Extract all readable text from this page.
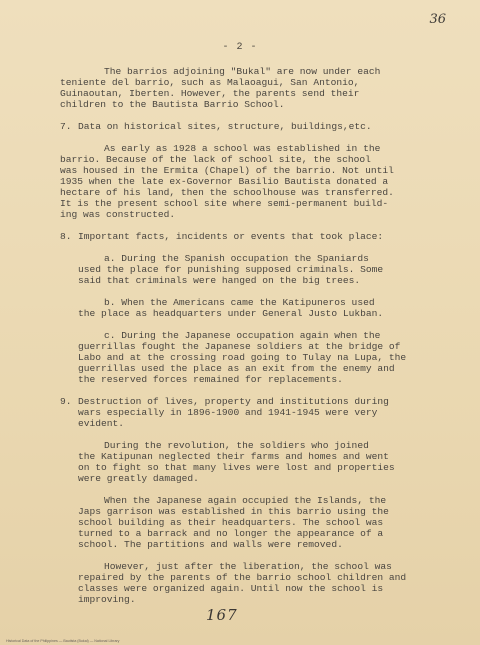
36
- 2 -

The barrios adjoining "Bukal" are now under each

teniente del barrio, such as Malaoagui, San Antonio,

Guinaoutan, Iberten. However, the parents send their

children to the Bautista Barrio School.

7. Data on historical sites, structure, buildings,etc.

As early as 1928 a school was established in the

barrio. Because of the lack of school site, the school

was housed in the Ermita (Chapel) of the barrio. Not until

1935 when the late ex-Governor Basilio Bautista donated a

hectare of his land, then the schoolhouse was transferred.

It is the present school site where semi-permanent build-

ing was constructed.

8. Important facts, incidents or events that took place:

a. During the Spanish occupation the Spaniards

used the place for punishing supposed criminals. Some

said that criminals were hanged on the big trees.

b. When the Americans came the Katipuneros used

the place as headquarters under General Justo Lukban.

c. During the Japanese occupation again when the

guerrillas fought the Japanese soldiers at the bridge of

Labo and at the crossing road going to Tulay na Lupa, the

guerrillas used the place as an exit from the enemy and

the reserved forces remained for replacements.

9. Destruction of lives, property and institutions during

wars especially in 1896-1900 and 1941-1945 were very

evident.

During the revolution, the soldiers who joined

the Katipunan neglected their farms and homes and went

on to fight so that many lives were lost and properties

were greatly damaged.

When the Japanese again occupied the Islands, the

Japs garrison was established in this barrio using the

school building as their headquarters. The school was

turned to a barrack and no longer the appearance of a

school. The partitions and walls were removed.

However, just after the liberation, the school was

repaired by the parents of the barrio school children and

classes were organized again. Until now the school is

improving.

167
Historical Data of the Philippines — Bautista (Bukal) — National Library
